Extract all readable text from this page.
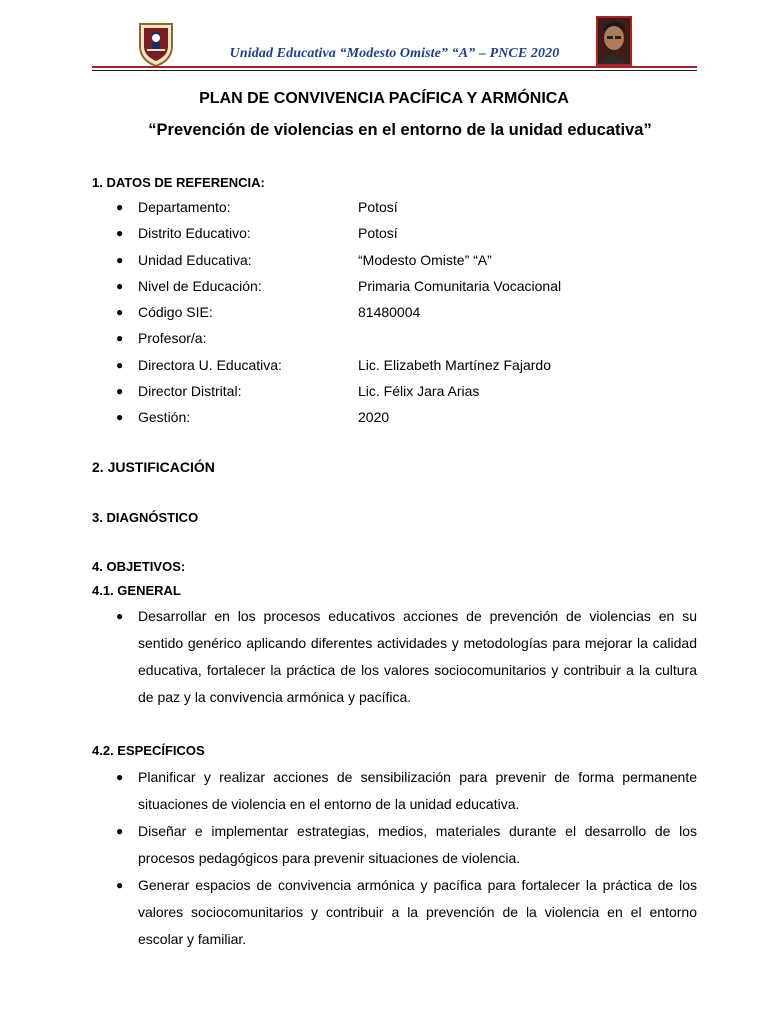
Unidad Educativa “Modesto Omiste” “A” – PNCE 2020
PLAN DE CONVIVENCIA PACÍFICA Y ARMÓNICA
“Prevención de violencias en el entorno de la unidad educativa”
1. DATOS DE REFERENCIA:
● Departamento:	Potosí
● Distrito Educativo:	Potosí
● Unidad Educativa:	“Modesto Omiste” “A”
● Nivel de Educación:	Primaria Comunitaria Vocacional
● Código SIE:	81480004
● Profesor/a:
● Directora U. Educativa:	Lic. Elizabeth Martínez Fajardo
● Director Distrital:	Lic. Félix Jara Arias
● Gestión:	2020
2. JUSTIFICACIÓN
3. DIAGNÓSTICO
4. OBJETIVOS:
4.1. GENERAL
● Desarrollar en los procesos educativos acciones de prevención de violencias en su sentido genérico aplicando diferentes actividades y metodologías para mejorar la calidad educativa, fortalecer la práctica de los valores sociocomunitarios y contribuir a la cultura de paz y la convivencia armónica y pacífica.
4.2. ESPECÍFICOS
● Planificar y realizar acciones de sensibilización para prevenir de forma permanente situaciones de violencia en el entorno de la unidad educativa.
● Diseñar e implementar estrategias, medios, materiales durante el desarrollo de los procesos pedagógicos para prevenir situaciones de violencia.
● Generar espacios de convivencia armónica y pacífica para fortalecer la práctica de los valores sociocomunitarios y contribuir a la prevención de la violencia en el entorno escolar y familiar.
